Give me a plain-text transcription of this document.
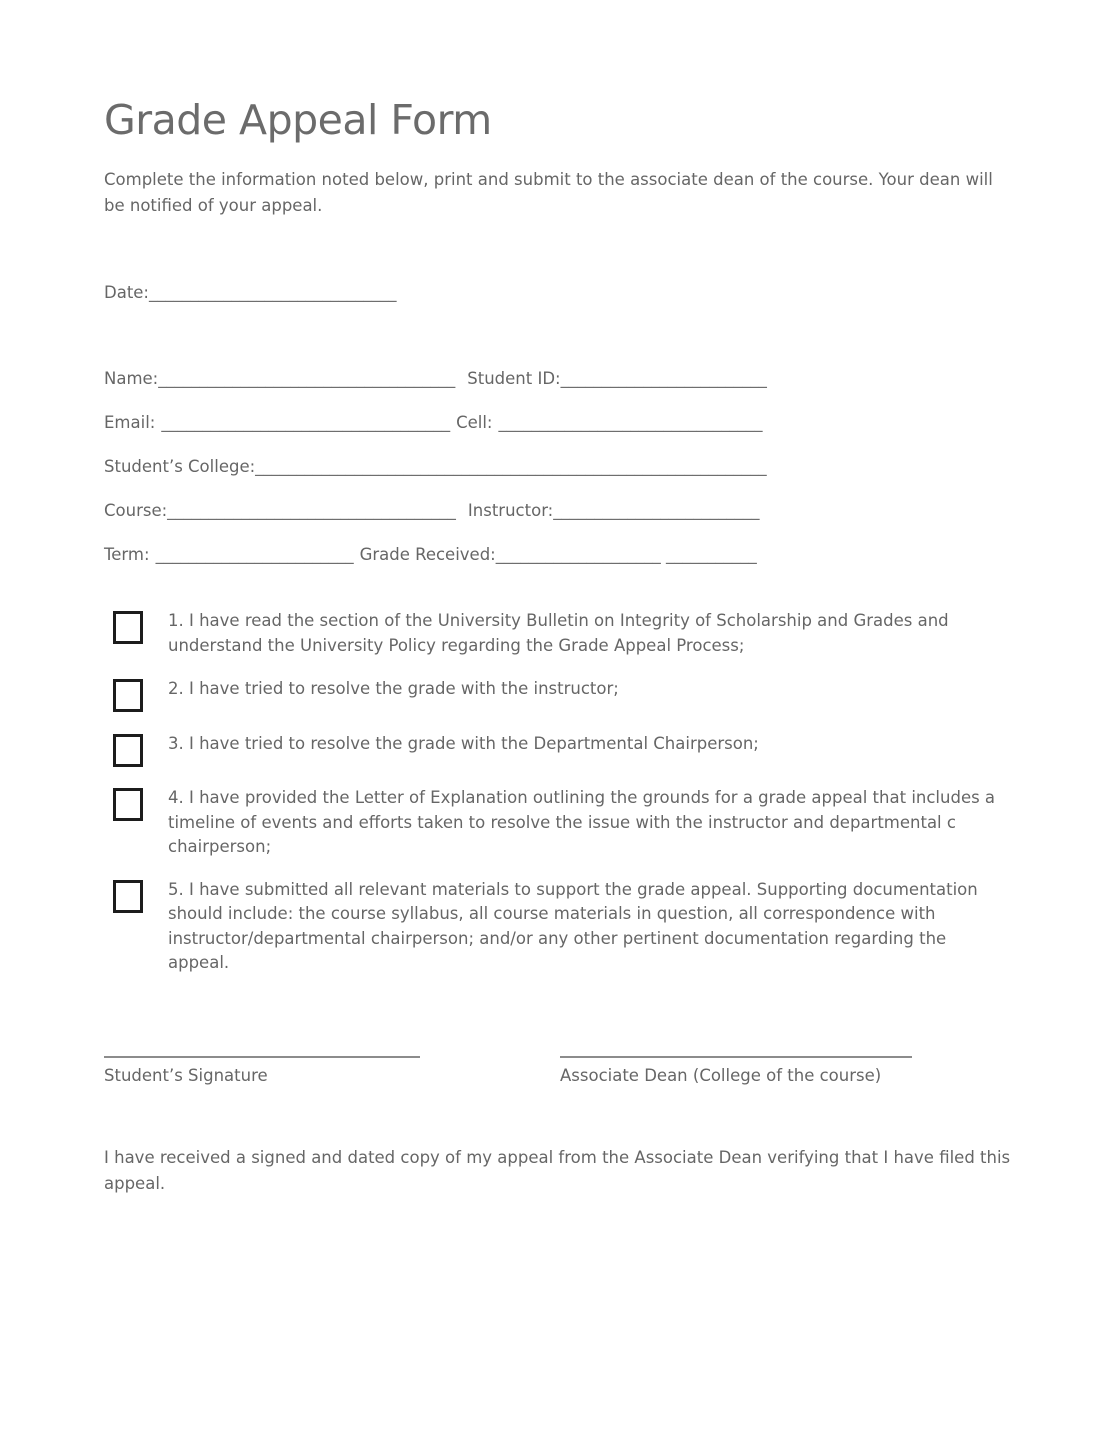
Grade Appeal Form

Complete the information noted below, print and submit to the associate dean of the course. Your dean will be notified of your appeal.

Date:______________________________
Name:____________________________________ Student ID:_________________________
Email: ___________________________________ Cell: ________________________________
Student’s College:______________________________________________________________
Course:___________________________________ Instructor:_________________________
Term: ________________________ Grade Received:____________________ ___________
1. I have read the section of the University Bulletin on Integrity of Scholarship and Grades and understand the University Policy regarding the Grade Appeal Process;
2. I have tried to resolve the grade with the instructor;
3. I have tried to resolve the grade with the Departmental Chairperson;
4. I have provided the Letter of Explanation outlining the grounds for a grade appeal that includes a timeline of events and efforts taken to resolve the issue with the instructor and departmental c chairperson;
5. I have submitted all relevant materials to support the grade appeal. Supporting documentation should include: the course syllabus, all course materials in question, all correspondence with instructor/departmental chairperson; and/or any other pertinent documentation regarding the appeal.
Student’s Signature	Associate Dean (College of the course)

I have received a signed and dated copy of my appeal from the Associate Dean verifying that I have filed this appeal.
